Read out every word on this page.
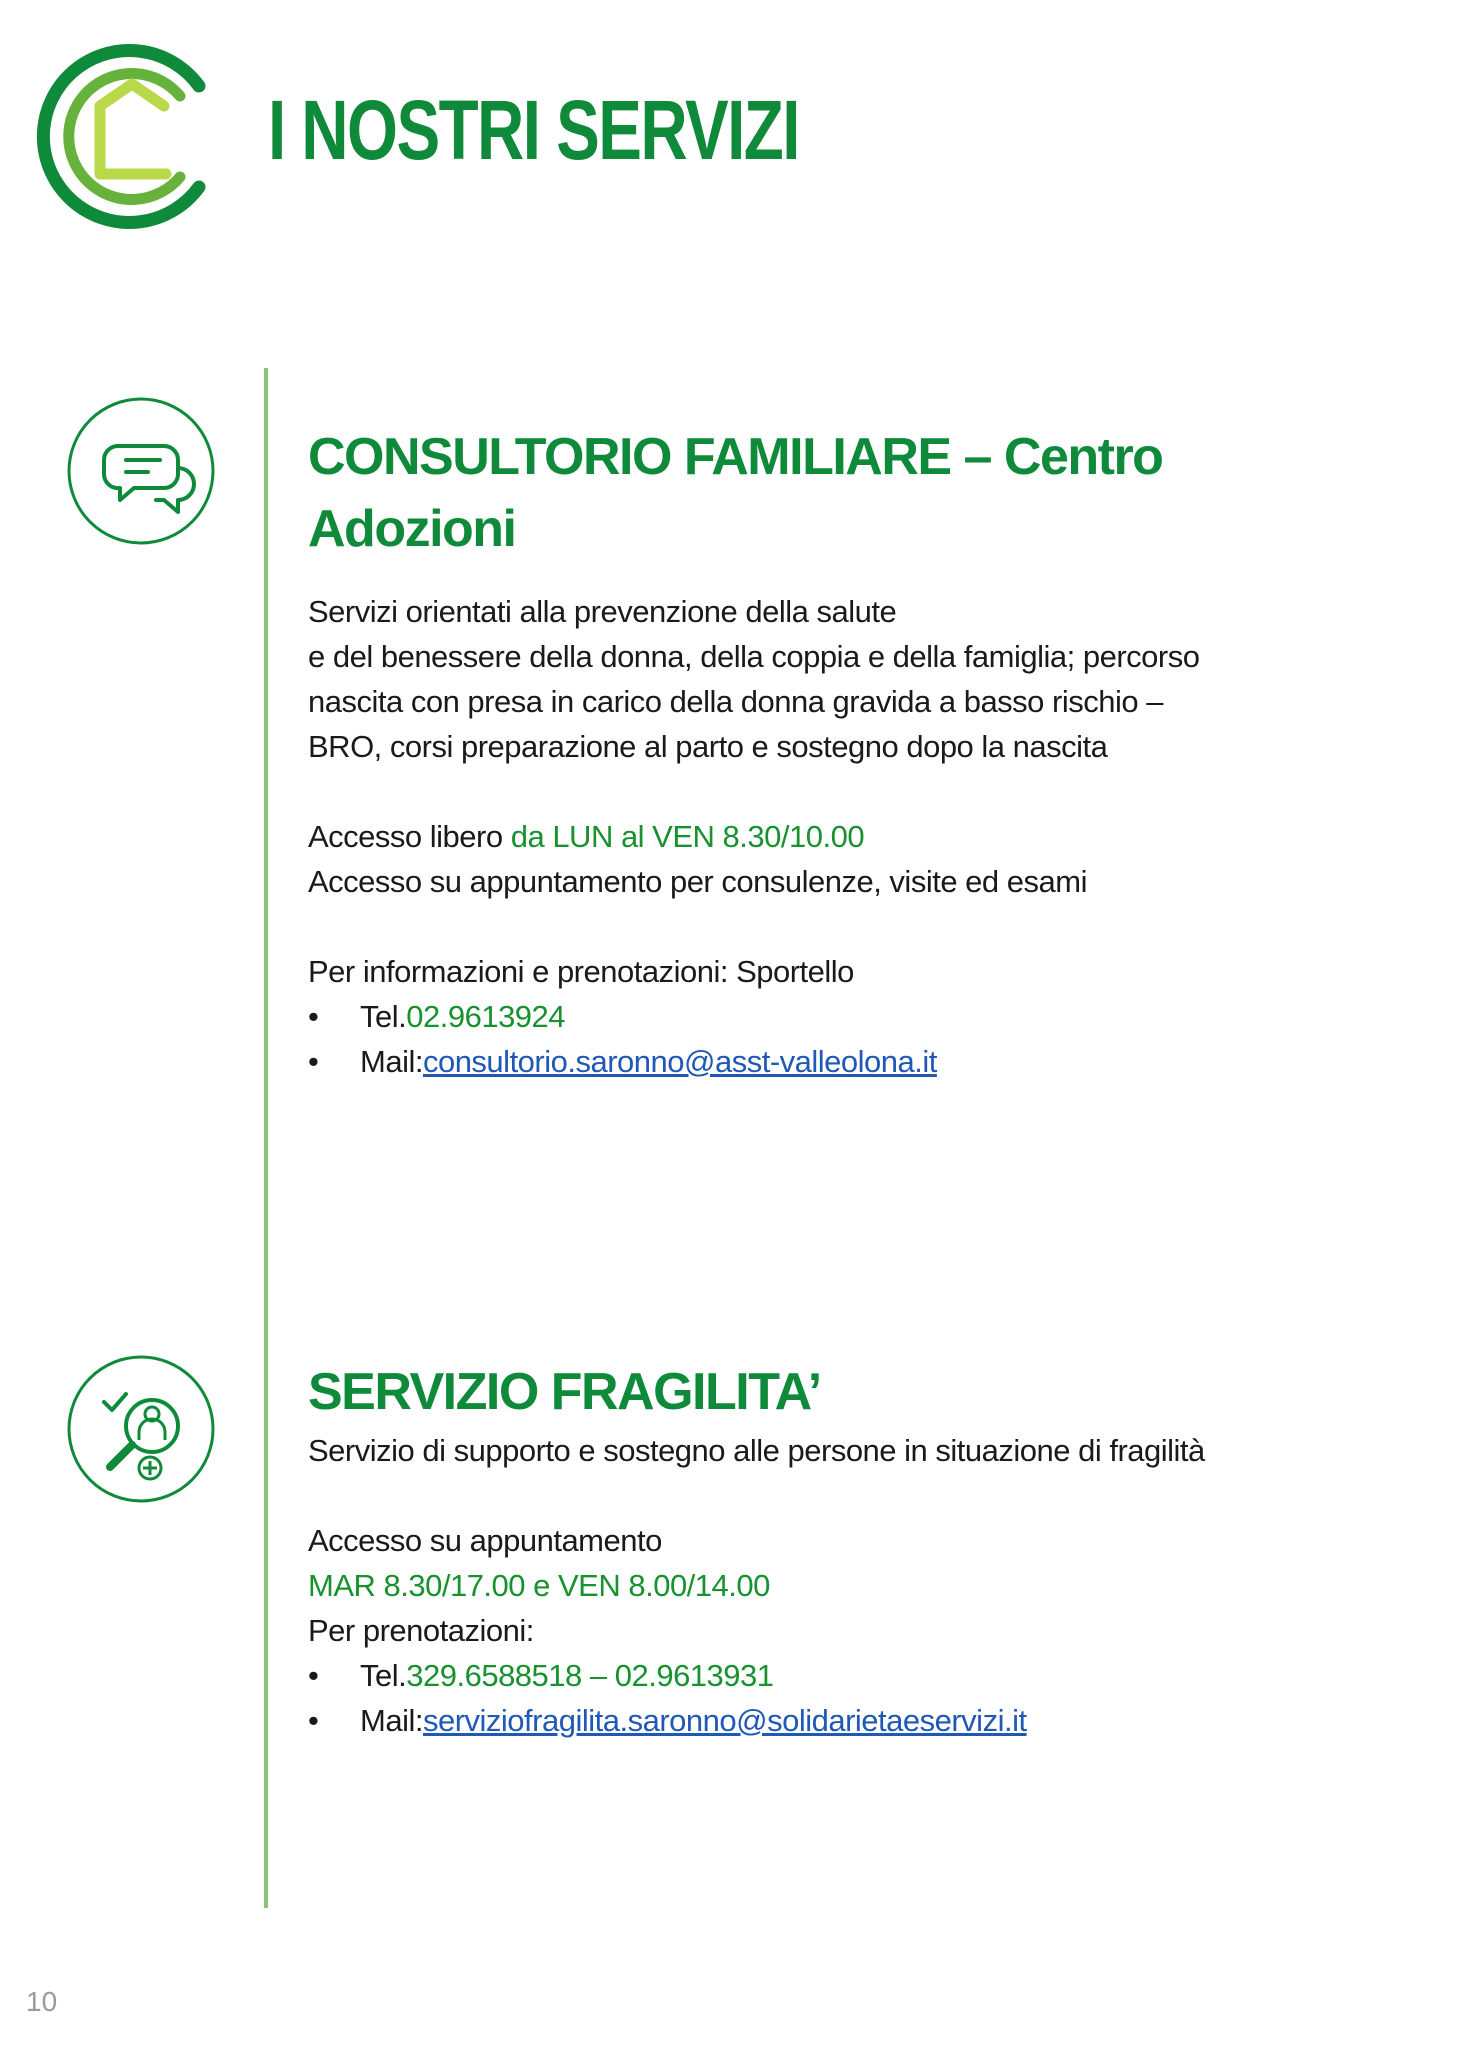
I NOSTRI SERVIZI
CONSULTORIO FAMILIARE – Centro
Adozioni
Servizi orientati alla prevenzione della salute
e del benessere della donna, della coppia e della famiglia; percorso
nascita con presa in carico della donna gravida a basso rischio –
BRO, corsi preparazione al parto e sostegno dopo la nascita
Accesso libero da LUN al VEN 8.30/10.00
Accesso su appuntamento per consulenze, visite ed esami
Per informazioni e prenotazioni: Sportello
•	Tel. 02.9613924
•	Mail: consultorio.saronno@asst-valleolona.it
SERVIZIO FRAGILITA’
Servizio di supporto e sostegno alle persone in situazione di fragilità
Accesso su appuntamento
MAR 8.30/17.00 e VEN 8.00/14.00
Per prenotazioni:
•	Tel. 329.6588518 – 02.9613931
•	Mail: serviziofragilita.saronno@solidarietaeservizi.it
10
